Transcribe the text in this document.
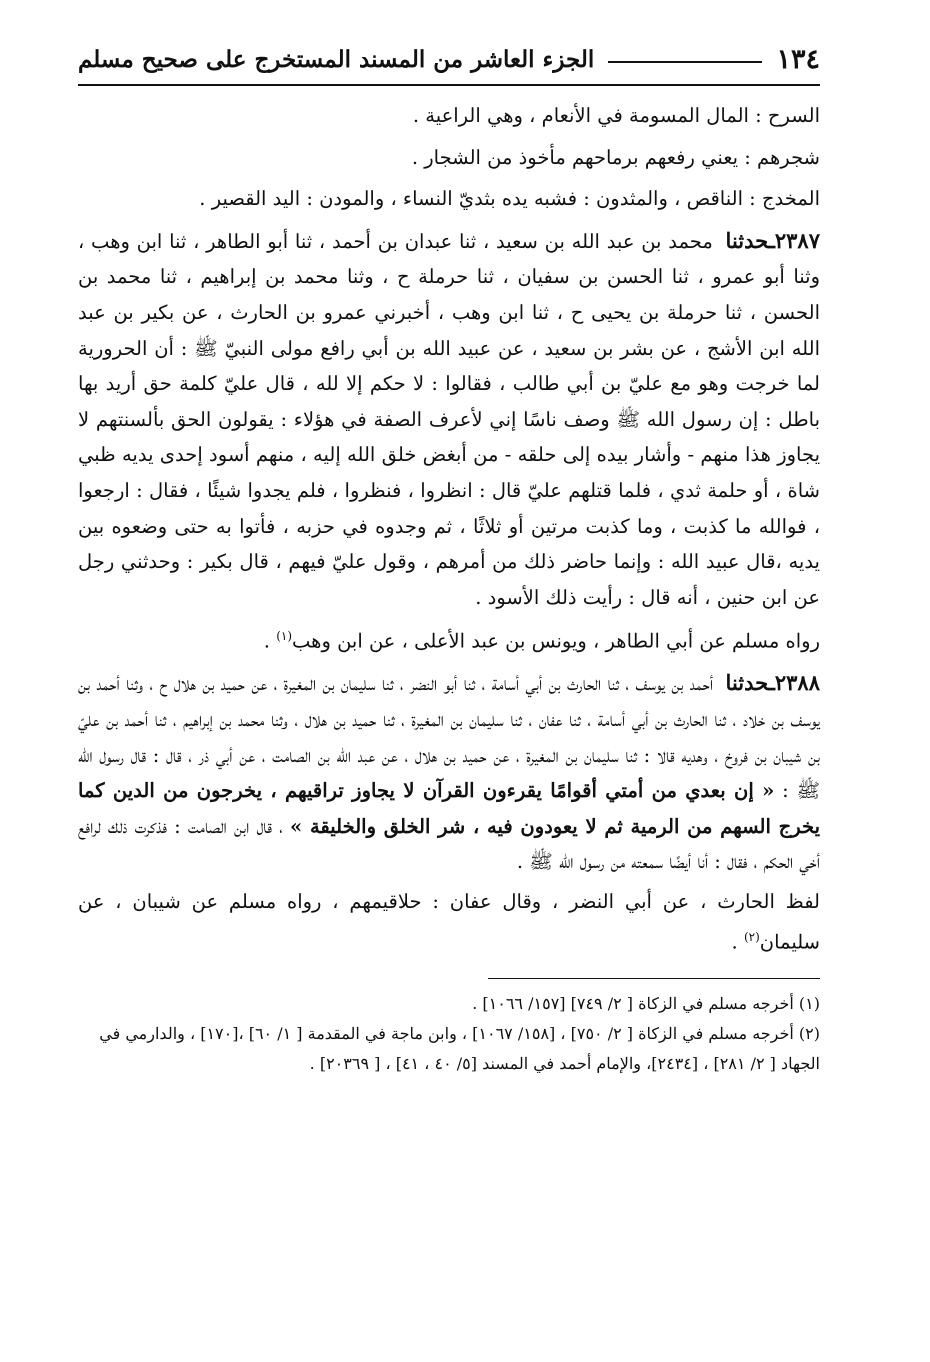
١٣٤
الجزء العاشر من المسند المستخرج على صحيح مسلم

السرح : المال المسومة في الأنعام ، وهي الراعية .

شجرهم : يعني رفعهم برماحهم مأخوذ من الشجار .

المخدج : الناقص ، والمثدون : فشبه يده بثديّ النساء ، والمودن : اليد القصير .

٢٣٨٧ـحدثنا محمد بن عبد الله بن سعيد ، ثنا عبدان بن أحمد ، ثنا أبو الطاهر ، ثنا ابن وهب ، وثنا أبو عمرو ، ثنا الحسن بن سفيان ، ثنا حرملة ح ، وثنا محمد بن إبراهيم ، ثنا محمد بن الحسن ، ثنا حرملة بن يحيى ح ، ثنا ابن وهب ، أخبرني عمرو بن الحارث ، عن بكير بن عبد الله ابن الأشج ، عن بشر بن سعيد ، عن عبيد الله بن أبي رافع مولى النبيّ ﷺ : أن الحرورية لما خرجت وهو مع عليّ بن أبي طالب ، فقالوا : لا حكم إلا لله ، قال عليّ كلمة حق أريد بها باطل : إن رسول الله ﷺ وصف ناسًا إني لأعرف الصفة في هؤلاء : يقولون الحق بألسنتهم لا يجاوز هذا منهم - وأشار بيده إلى حلقه - من أبغض خلق الله إليه ، منهم أسود إحدى يديه ظبي شاة ، أو حلمة ثدي ، فلما قتلهم عليّ قال : انظروا ، فنظروا ، فلم يجدوا شيئًا ، فقال : ارجعوا ، فوالله ما كذبت ، وما كذبت مرتين أو ثلاثًا ، ثم وجدوه في حزبه ، فأتوا به حتى وضعوه بين يديه ،قال عبيد الله : وإنما حاضر ذلك من أمرهم ، وقول عليّ فيهم ، قال بكير : وحدثني رجل عن ابن حنين ، أنه قال : رأيت ذلك الأسود .

رواه مسلم عن أبي الطاهر ، ويونس بن عبد الأعلى ، عن ابن وهب$^{(١)}$ .

٢٣٨٨ـحدثنا أحمد بن يوسف ، ثنا الحارث بن أبي أسامة ، ثنا أبو النضر ، ثنا سليمان بن المغيرة ، عن حميد بن هلال ح ، وثنا أحمد بن يوسف بن خلاد ، ثنا الحارث بن أبي أسامة ، ثنا عفان ، ثنا سليمان بن المغيرة ، ثنا حميد بن هلال ، وثنا محمد بن إبراهيم ، ثنا أحمد بن عليّ بن شيبان بن فروخ ، وهديه قالا : ثنا سليمان بن المغيرة ، عن حميد بن هلال ، عن عبد الله بن الصامت ، عن أبي ذر ، قال : قال رسول الله ﷺ : « إن بعدي من أمتي أقوامًا يقرءون القرآن لا يجاوز تراقيهم ، يخرجون من الدين كما يخرج السهم من الرمية ثم لا يعودون فيه ، شر الخلق والخليقة » ، قال ابن الصامت : فذكرت ذلك لرافع أخي الحكم ، فقال : أنا أيضًا سمعته من رسول الله ﷺ .

لفظ الحارث ، عن أبي النضر ، وقال عفان : حلاقيمهم ، رواه مسلم عن شيبان ، عن سليمان$^{(٢)}$ .

(١) أخرجه مسلم في الزكاة [ ٢/ ٧٤٩] [١٥٧/ ١٠٦٦] .

(٢) أخرجه مسلم في الزكاة [ ٢/ ٧٥٠] ، [١٥٨/ ١٠٦٧] ، وابن ماجة في المقدمة [ ١/ ٦٠] ،[١٧٠] ، والدارمي في الجهاد [ ٢/ ٢٨١] ، [٢٤٣٤]، والإمام أحمد في المسند [٥/ ٤٠ ، ٤١] ، [ ٢٠٣٦٩] .
